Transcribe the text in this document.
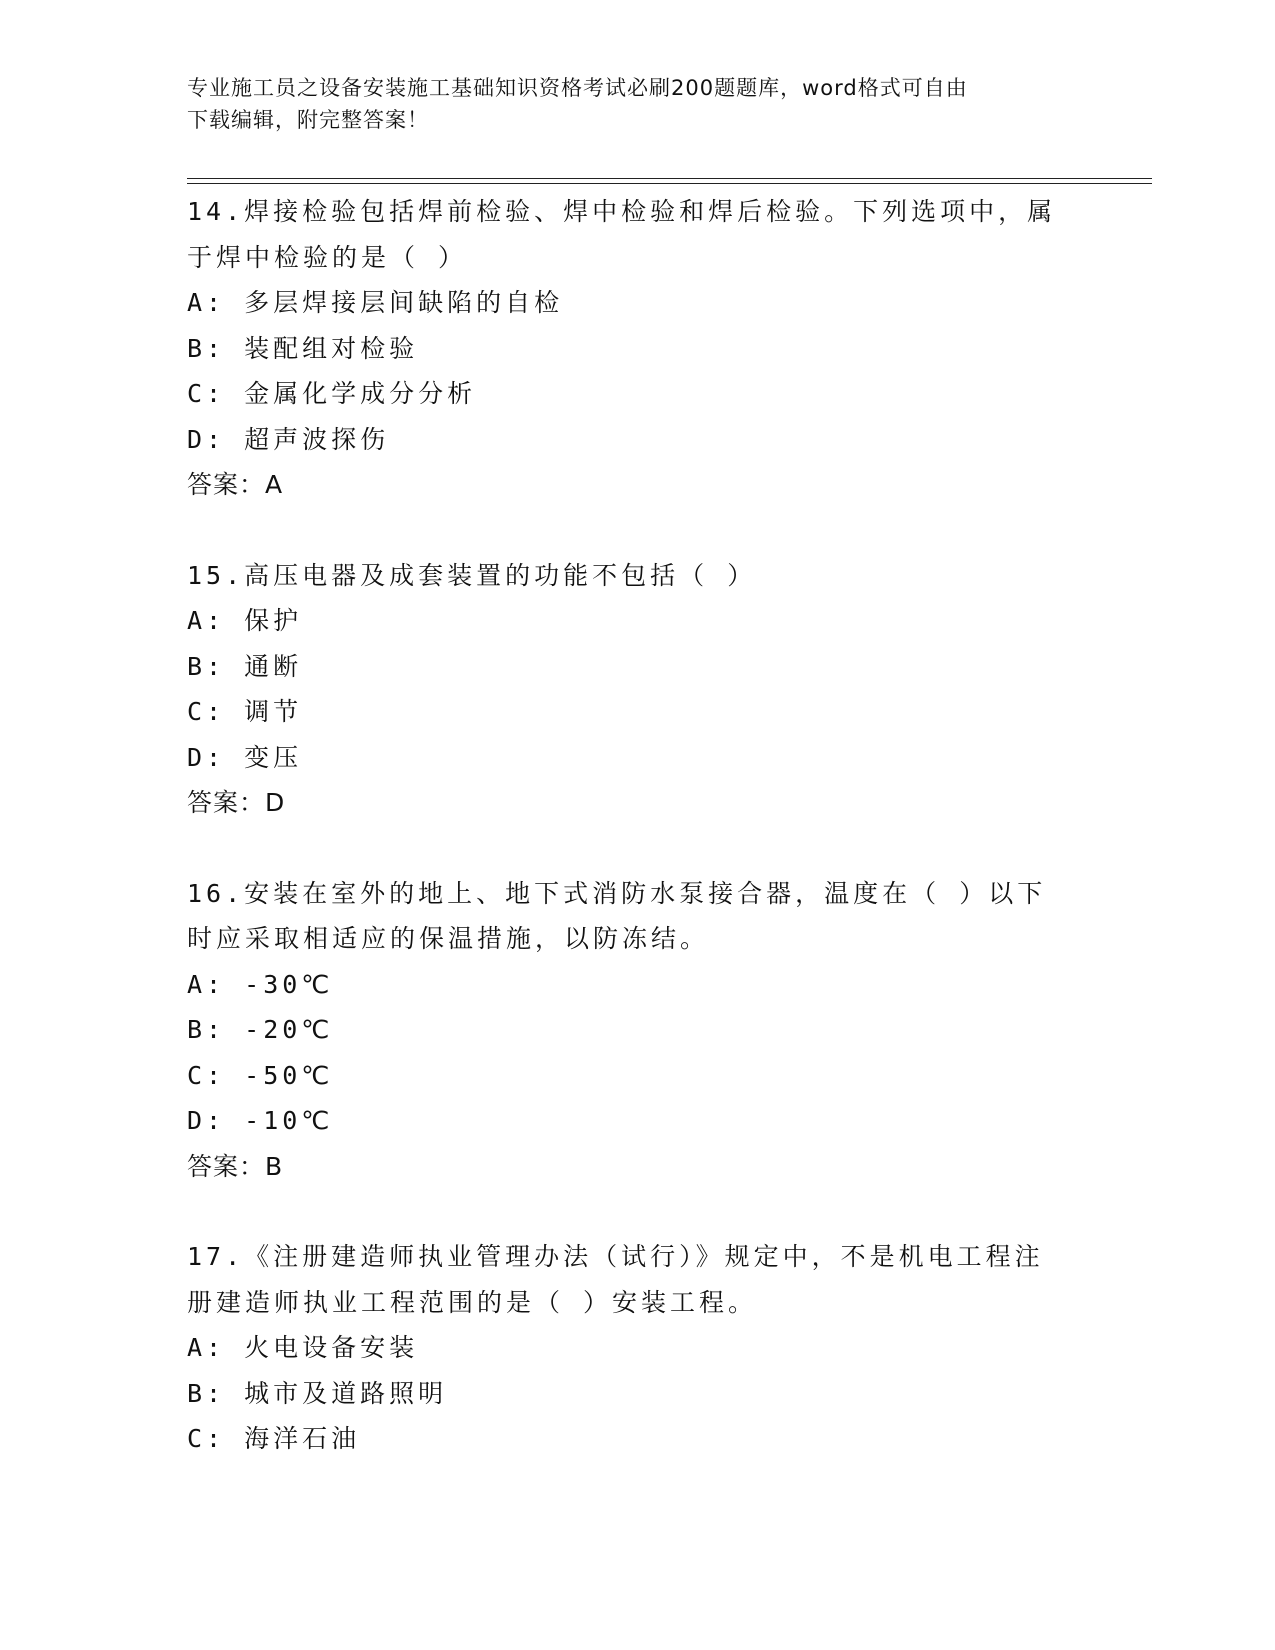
专业施工员之设备安装施工基础知识资格考试必刷200题题库，word格式可自由
下载编辑，附完整答案！
14.焊接检验包括焊前检验、焊中检验和焊后检验。下列选项中，属于焊中检验的是（ ）
A: 多层焊接层间缺陷的自检
B: 装配组对检验
C: 金属化学成分分析
D: 超声波探伤
答案：A
15.高压电器及成套装置的功能不包括（ ）
A: 保护
B: 通断
C: 调节
D: 变压
答案：D
16.安装在室外的地上、地下式消防水泵接合器，温度在（ ）以下时应采取相适应的保温措施，以防冻结。
A: -30℃
B: -20℃
C: -50℃
D: -10℃
答案：B
17.《注册建造师执业管理办法（试行）》规定中，不是机电工程注册建造师执业工程范围的是（ ）安装工程。
A: 火电设备安装
B: 城市及道路照明
C: 海洋石油
